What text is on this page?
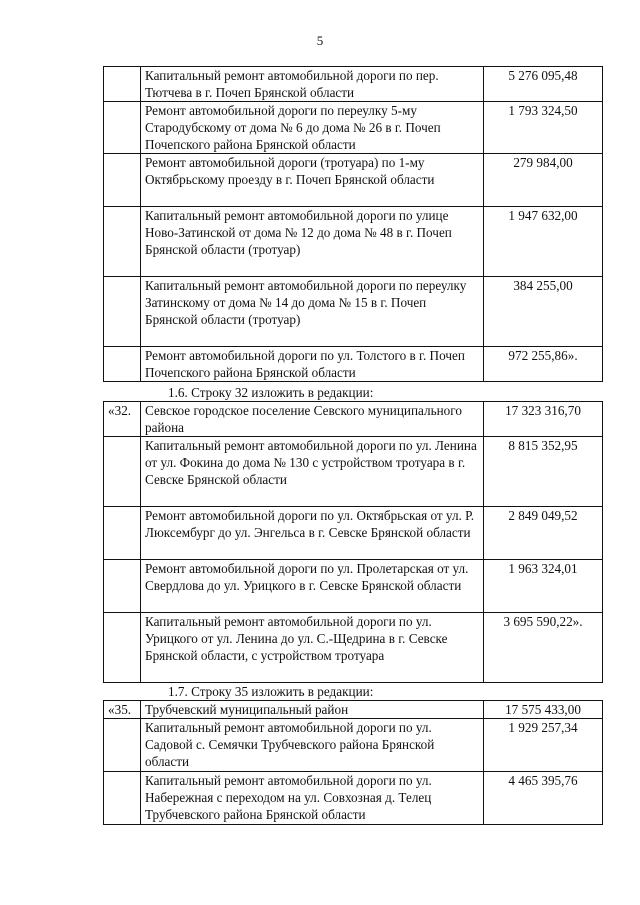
5
	Капитальный ремонт автомобильной дороги по пер. Тютчева в г. Почеп Брянской области	5 276 095,48
	Ремонт автомобильной дороги по переулку 5-му Стародубскому от дома № 6 до дома № 26 в г. Почеп Почепского района Брянской области	1 793 324,50
	Ремонт автомобильной дороги (тротуара) по 1-му Октябрьскому проезду в г. Почеп Брянской области	279 984,00
	Капитальный ремонт автомобильной дороги по улице Ново-Затинской от дома № 12 до дома № 48 в г. Почеп Брянской области (тротуар)	1 947 632,00
	Капитальный ремонт автомобильной дороги по переулку Затинскому от дома № 14 до дома № 15 в г. Почеп Брянской области (тротуар)	384 255,00
	Ремонт автомобильной дороги по ул. Толстого в г. Почеп Почепского района Брянской области	972 255,86».
1.6. Строку 32 изложить в редакции:
«32.	Севское городское поселение Севского муниципального района	17 323 316,70
	Капитальный ремонт автомобильной дороги по ул. Ленина от ул. Фокина до дома № 130 с устройством тротуара в г. Севске Брянской области	8 815 352,95
	Ремонт автомобильной дороги по ул. Октябрьская от ул. Р. Люксембург до ул. Энгельса в г. Севске Брянской области	2 849 049,52
	Ремонт автомобильной дороги по ул. Пролетарская от ул. Свердлова до ул. Урицкого в г. Севске Брянской области	1 963 324,01
	Капитальный ремонт автомобильной дороги по ул. Урицкого от ул. Ленина до ул. С.-Щедрина в г. Севске Брянской области, с устройством тротуара	3 695 590,22».
1.7. Строку 35 изложить в редакции:
«35.	Трубчевский муниципальный район	17 575 433,00
	Капитальный ремонт автомобильной дороги по ул. Садовой с. Семячки Трубчевского района Брянской области	1 929 257,34
	Капитальный ремонт автомобильной дороги по ул. Набережная с переходом на ул. Совхозная д. Телец Трубчевского района Брянской области	4 465 395,76
